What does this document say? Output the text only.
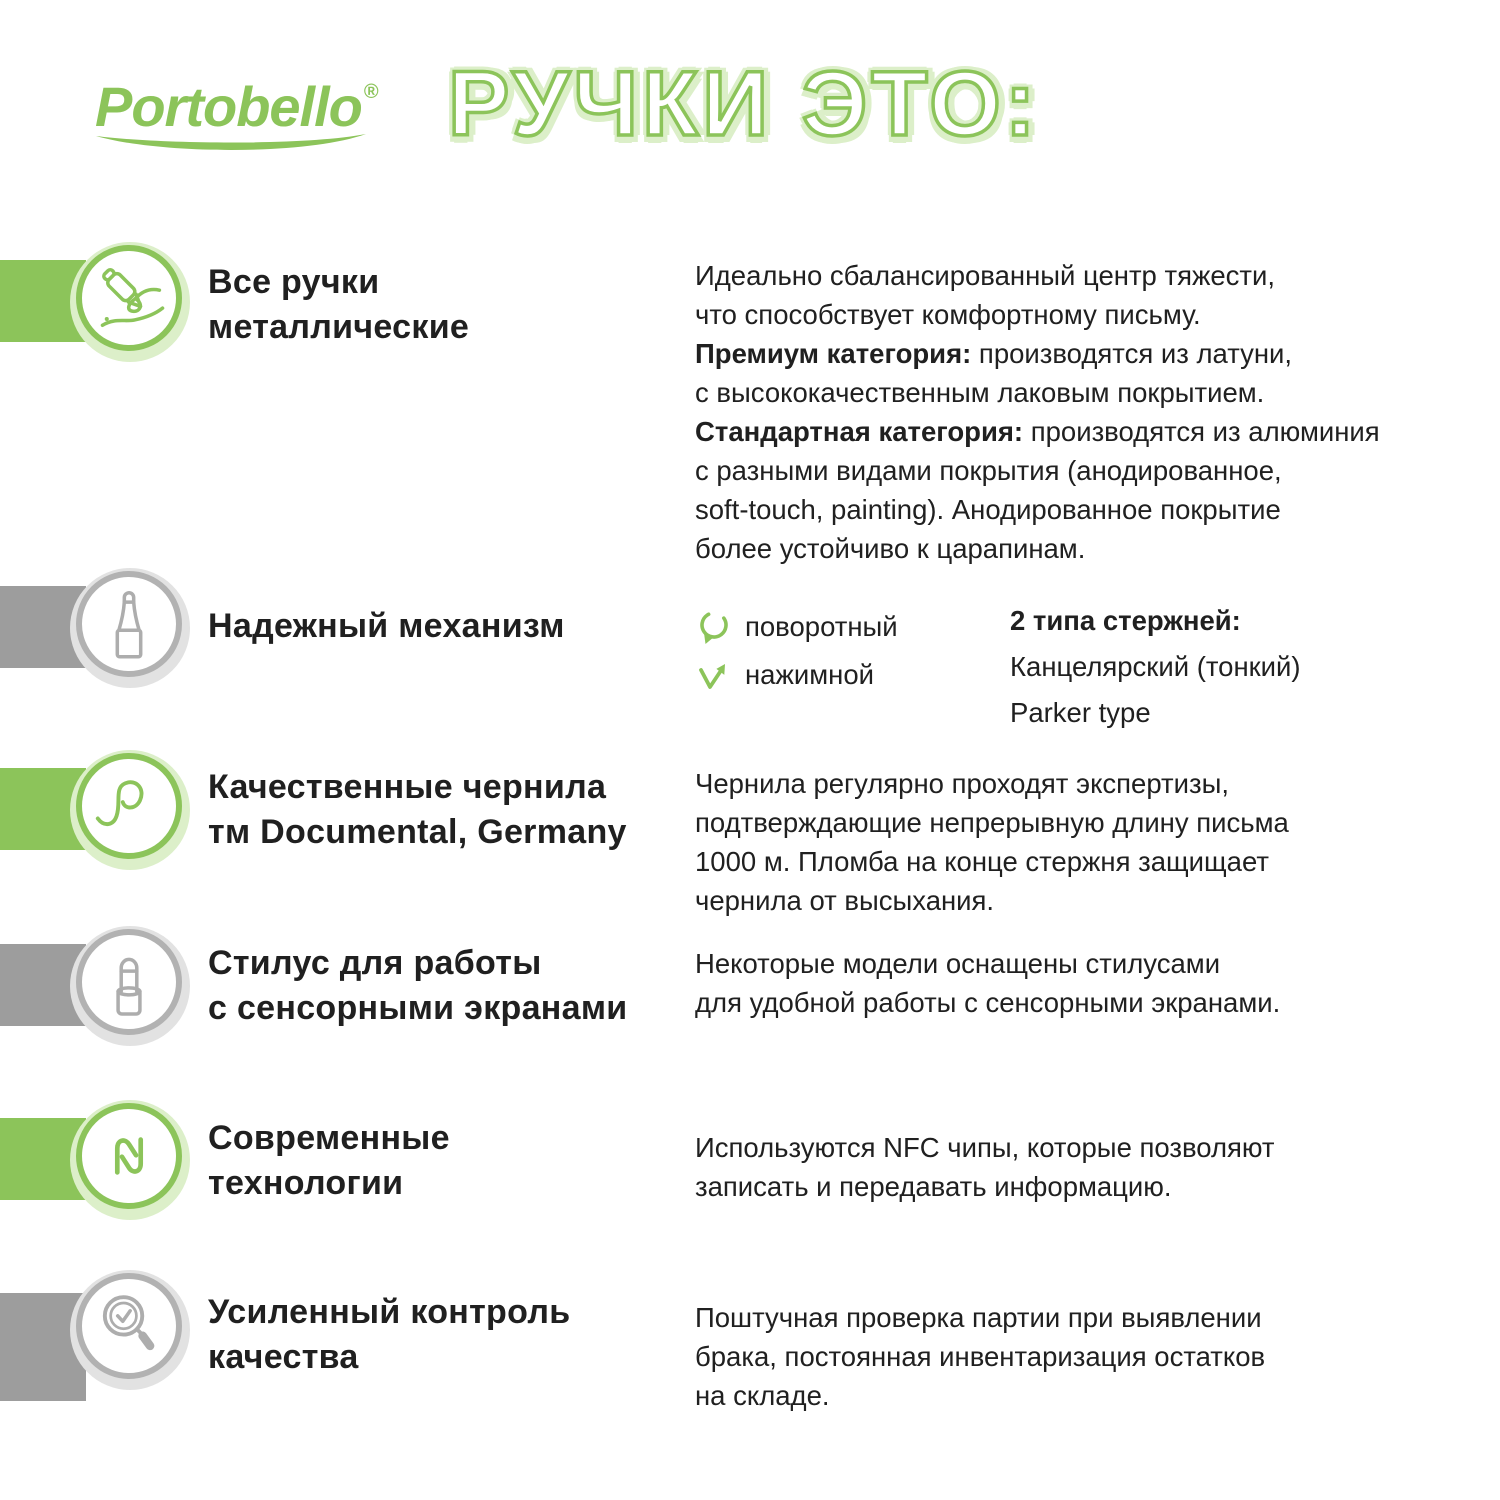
Portobello ® РУЧКИ ЭТО:
Все ручки
металлические
Идеально сбалансированный центр тяжести,
что способствует комфортному письму.
Премиум категория: производятся из латуни,
с высококачественным лаковым покрытием.
Стандартная категория: производятся из алюминия
с разными видами покрытия (анодированное,
soft-touch, painting). Анодированное покрытие
более устойчиво к царапинам.
Надежный механизм	поворотный
нажимной
2 типа стержней:
Канцелярский (тонкий)
Parker type
Качественные чернила
тм Documental, Germany
Чернила регулярно проходят экспертизы,
подтверждающие непрерывную длину письма
1000 м. Пломба на конце стержня защищает
чернила от высыхания.
Стилус для работы
с сенсорными экранами
Некоторые модели оснащены стилусами
для удобной работы с сенсорными экранами.
Современные
технологии
Используются NFC чипы, которые позволяют
записать и передавать информацию.
Усиленный контроль
качества
Поштучная проверка партии при выявлении
брака, постоянная инвентаризация остатков
на складе.
